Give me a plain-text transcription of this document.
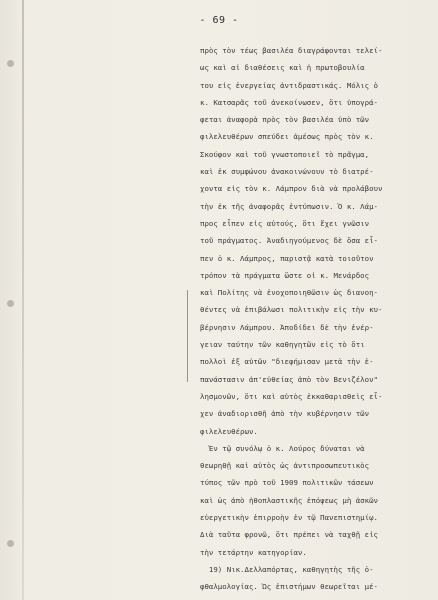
- 69 -
πρὸς τὸν τέως βασιλέα διαγράφονται τελεί-
ως καὶ αἱ διαθέσεις καὶ ἡ πρωτοβουλία
του εἰς ἐνεργείας ἀντιδραστικάς. Μόλις ὁ
κ. Κατσαρᾶς τοῦ ἀνεκοίνωσεν, ὅτι ὑπογρά-
φεται ἀναφορὰ πρὸς τὸν βασιλέα ὑπὸ τῶν
φιλελευθέρων σπεύδει ἀμέσως πρὸς τὸν κ.
Σκούφον καὶ τοῦ γνωστοποιεῖ τὸ πρᾶγμα,
καὶ ἐκ συμφώνου ἀνακοινώνουν τὸ διατρέ-
χοντα εἰς τὸν κ. Λάμπρον διὰ νὰ προλάβουν
τὴν ἐκ τῆς ἀναφορᾶς ἐντύπωσιν. Ὁ κ. Λάμ-
προς εἶπεν εἰς αὐτούς, ὅτι ἔχει γνῶσιν
τοῦ πράγματος. Ἀναδιηγούμενος δὲ ὅσα εἶ-
πεν ὁ κ. Λάμπρος, παριστᾷ κατὰ τοιοῦτον
τρόπον τὰ πράγματα ὥστε οἱ κ. Μενάρδος
καὶ Πολίτης νὰ ἐνοχοποιηθῶσιν ὡς διανοη-
θέντες νὰ ἐπιβάλωσι πολιτικὴν εἰς τὴν κυ-
βέρνησιν Λάμπρου. Ἀποδίδει δὲ τὴν ἐνέρ-
γειαν ταύτην τῶν καθηγητῶν εἰς τὸ ὅτι
πολλοὶ ἐξ αὐτῶν "διεφήμισαν μετὰ τὴν ἐ-
πανάστασιν ἀπ'εὐθείας ἀπὸ τὸν Βενιζέλον"
λησμονῶν, ὅτι καὶ αὐτὸς ἐκκαθαρισθεὶς εἶ-
χεν ἀναδιορισθῆ ἀπὸ τὴν κυβέρνησιν τῶν
φιλελευθέρων.
Ἐν τῷ συνόλῳ ὁ κ. Λούρος δύναται νὰ
θεωρηθῇ καὶ αὐτὸς ὡς ἀντιπροσωπευτικὸς
τύπος τῶν πρὸ τοῦ 1909 πολιτικῶν τάσεων
καὶ ὡς ἀπὸ ἡθοπλαστικῆς ἐπόψεως μὴ ἀσκῶν
εὐεργετικὴν ἐπιρροὴν ἐν τῷ Πανεπιστημίῳ.
Διὰ ταῦτα φρονῶ, ὅτι πρέπει νὰ ταχθῇ εἰς
τὴν τετάρτην κατηγορίαν.
19) Νικ.Δελλαπόρτας, καθηγητὴς τῆς ὀ-
φθαλμολογίας. Ὡς ἐπιστήμων θεωρεῖται μέ-
